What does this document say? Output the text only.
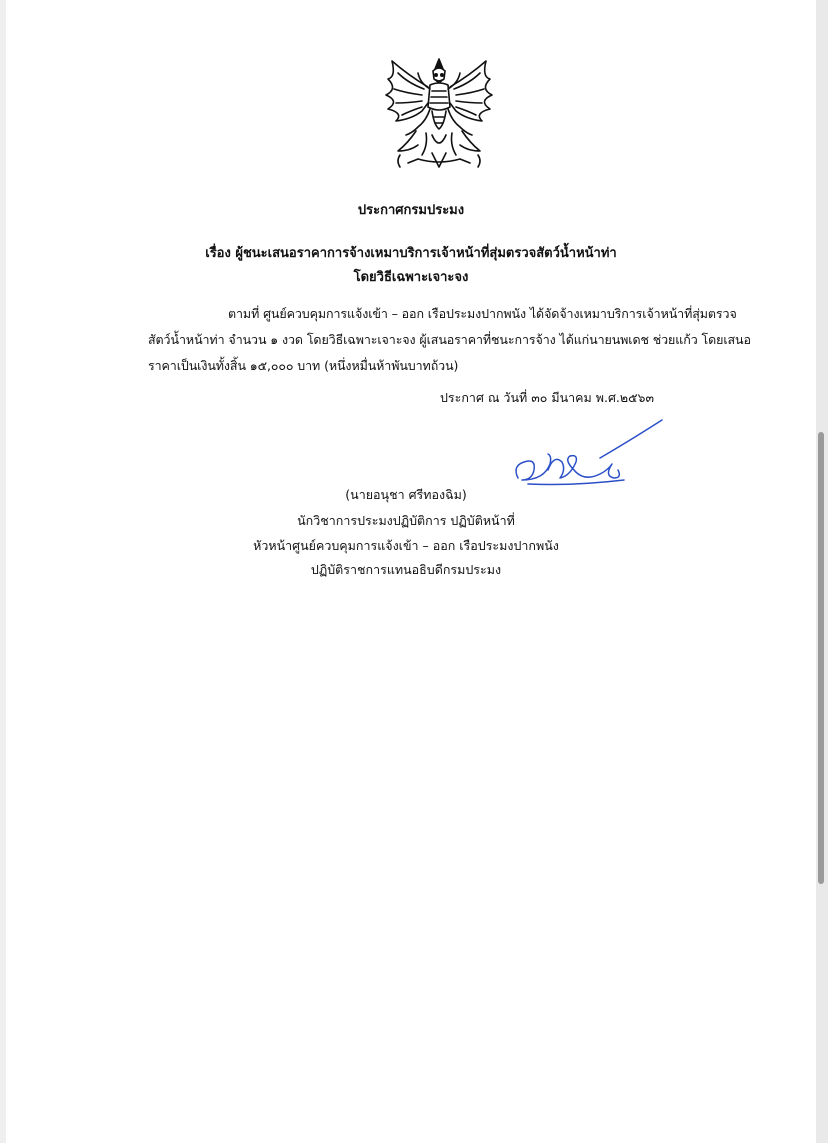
ประกาศกรมประมง
เรื่อง ผู้ชนะเสนอราคาการจ้างเหมาบริการเจ้าหน้าที่สุ่มตรวจสัตว์น้ำหน้าท่า
โดยวิธีเฉพาะเจาะจง
ตามที่ ศูนย์ควบคุมการแจ้งเข้า – ออก เรือประมงปากพนัง ได้จัดจ้างเหมาบริการเจ้าหน้าที่สุ่มตรวจ
สัตว์น้ำหน้าท่า จำนวน ๑ งวด โดยวิธีเฉพาะเจาะจง ผู้เสนอราคาที่ชนะการจ้าง ได้แก่นายนพเดช ช่วยแก้ว โดยเสนอ
ราคาเป็นเงินทั้งสิ้น ๑๕,๐๐๐ บาท (หนึ่งหมื่นห้าพันบาทถ้วน)
ประกาศ ณ วันที่ ๓๐ มีนาคม พ.ศ.๒๕๖๓
(นายอนุชา ศรีทองฉิม)
นักวิชาการประมงปฏิบัติการ ปฏิบัติหน้าที่
หัวหน้าศูนย์ควบคุมการแจ้งเข้า – ออก เรือประมงปากพนัง
ปฏิบัติราชการแทนอธิบดีกรมประมง
